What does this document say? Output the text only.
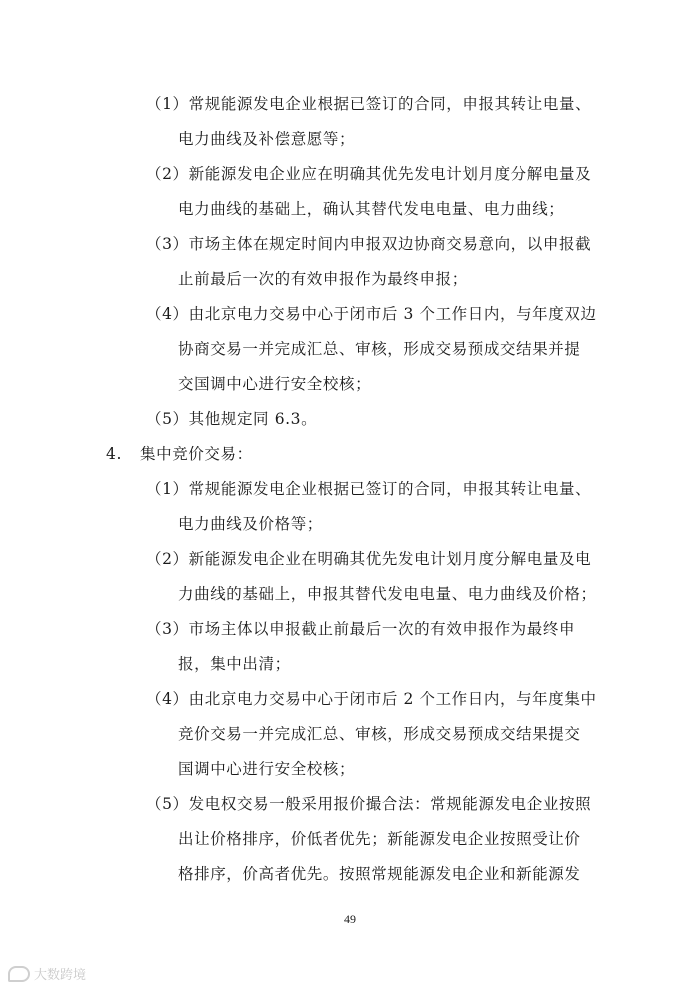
（1）常规能源发电企业根据已签订的合同，申报其转让电量、
电力曲线及补偿意愿等；
（2）新能源发电企业应在明确其优先发电计划月度分解电量及
电力曲线的基础上，确认其替代发电电量、电力曲线；
（3）市场主体在规定时间内申报双边协商交易意向，以申报截
止前最后一次的有效申报作为最终申报；
（4）由北京电力交易中心于闭市后 3 个工作日内，与年度双边
协商交易一并完成汇总、审核，形成交易预成交结果并提
交国调中心进行安全校核；
（5）其他规定同 6.3。
4. 集中竞价交易：
（1）常规能源发电企业根据已签订的合同，申报其转让电量、
电力曲线及价格等；
（2）新能源发电企业在明确其优先发电计划月度分解电量及电
力曲线的基础上，申报其替代发电电量、电力曲线及价格；
（3）市场主体以申报截止前最后一次的有效申报作为最终申
报，集中出清；
（4）由北京电力交易中心于闭市后 2 个工作日内，与年度集中
竞价交易一并完成汇总、审核，形成交易预成交结果提交
国调中心进行安全校核；
（5）发电权交易一般采用报价撮合法：常规能源发电企业按照
出让价格排序，价低者优先；新能源发电企业按照受让价
格排序，价高者优先。按照常规能源发电企业和新能源发
49
大数跨境
